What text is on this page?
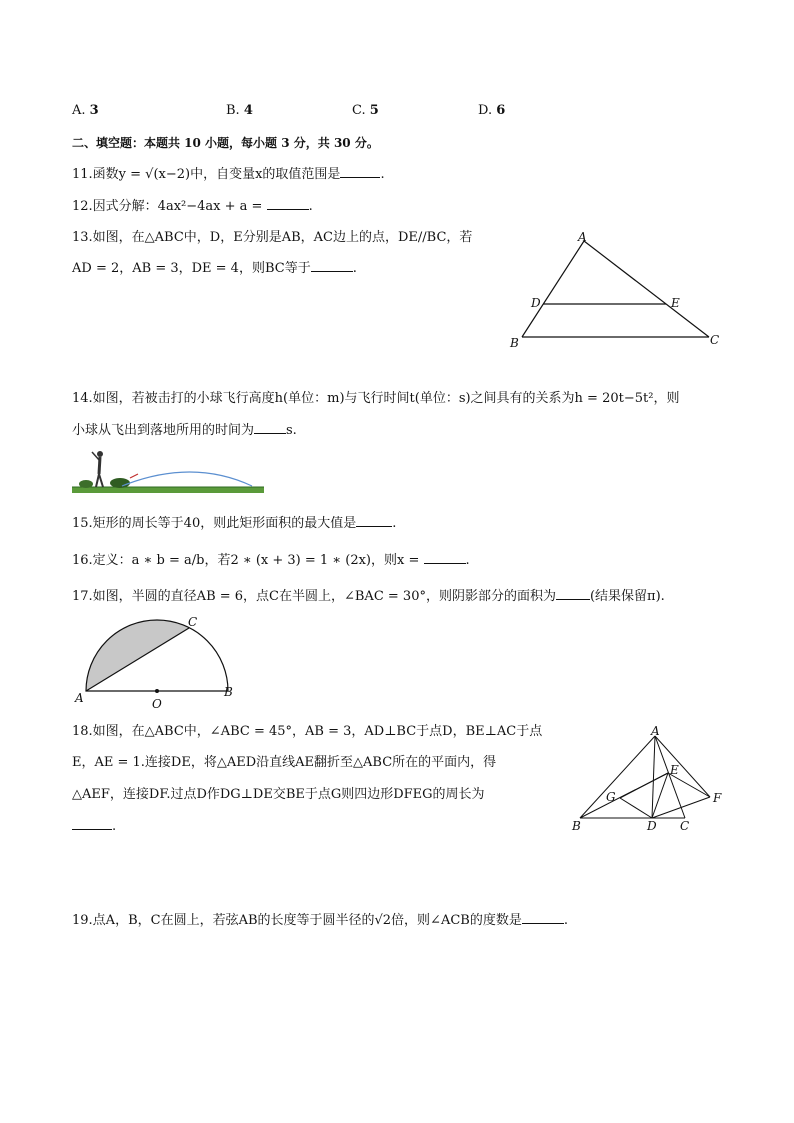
A. 3	B. 4	C. 5	D. 6
二、填空题：本题共 10 小题，每小题 3 分，共 30 分。
11.函数y = √(x−2)中，自变量x的取值范围是	.
12.因式分解：4ax²−4ax + a =	.
13.如图，在△ABC中，D，E分别是AB，AC边上的点，DE//BC，若
AD = 2，AB = 3，DE = 4，则BC等于	.
A
B	C
D	E
14.如图，若被击打的小球飞行高度h(单位：m)与飞行时间t(单位：s)之间具有的关系为h = 20t−5t²，则
小球从飞出到落地所用的时间为 s.
15.矩形的周长等于40，则此矩形面积的最大值是	.
16.定义：a ∗ b = a/b，若2 ∗ (x + 3) = 1 ∗ (2x)，则x =	.
17.如图，半圆的直径AB = 6，点C在半圆上，∠BAC = 30°，则阴影部分的面积为	(结果保留π).
A	B
C
O
18.如图，在△ABC中，∠ABC = 45°，AB = 3，AD⊥BC于点D，BE⊥AC于点
E，AE = 1.连接DE，将△AED沿直线AE翻折至△ABC所在的平面内，得
△AEF，连接DF.过点D作DG⊥DE交BE于点G则四边形DFEG的周长为
.
A
B	C
D
E
F
G
19.点A，B，C在圆上，若弦AB的长度等于圆半径的√2倍，则∠ACB的度数是	.
